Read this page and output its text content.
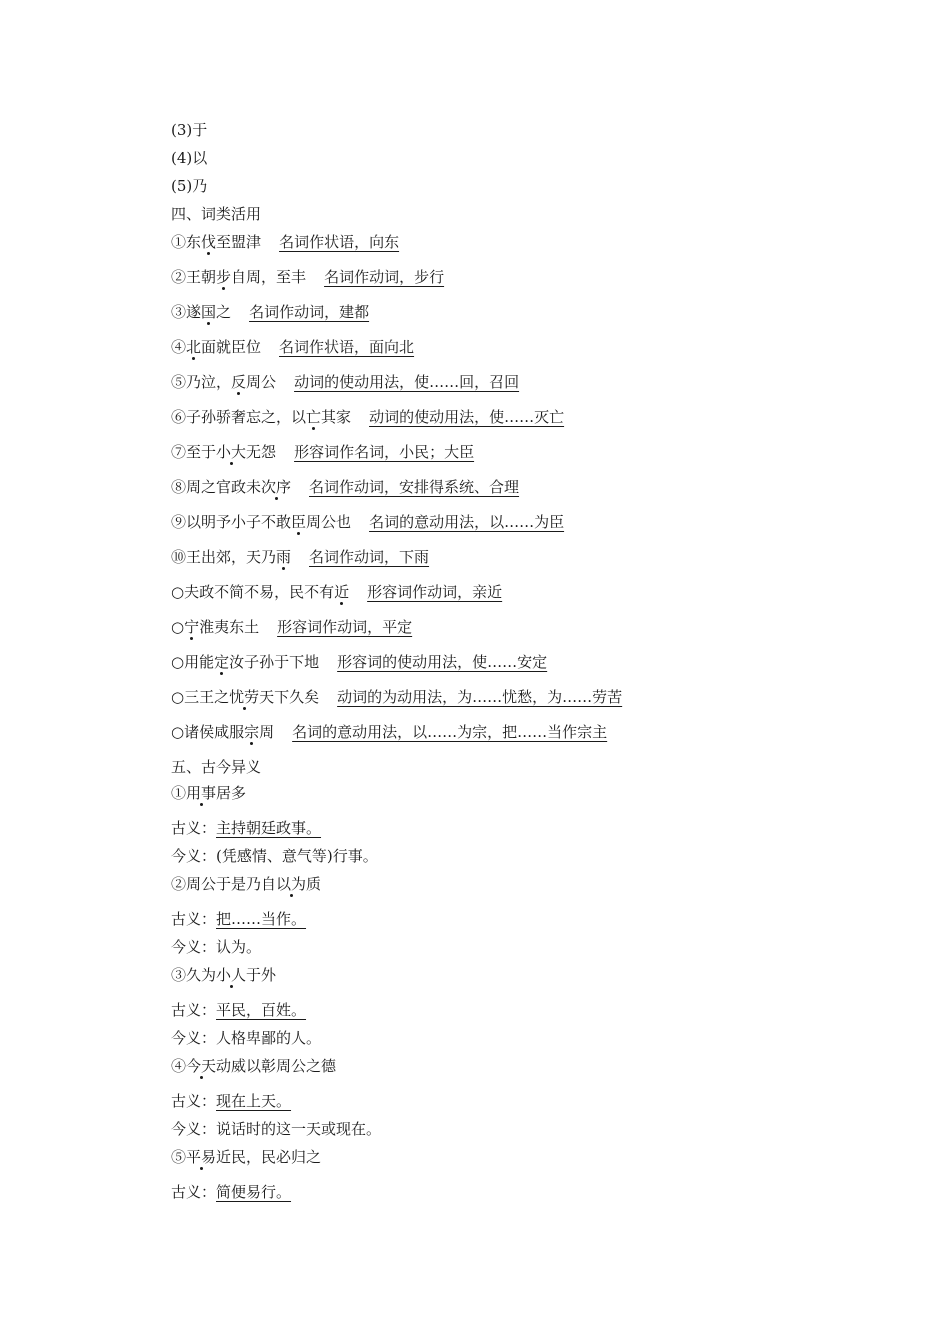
(3)于
(4)以
(5)乃
四、词类活用
①东伐至盟津 名词作状语，向东
②王朝步自周，至丰 名词作动词，步行
③遂国之 名词作动词，建都
④北面就臣位 名词作状语，面向北
⑤乃泣，反周公 动词的使动用法，使……回，召回
⑥子孙骄奢忘之，以亡其家 动词的使动用法，使……灭亡
⑦至于小大无怨 形容词作名词，小民；大臣
⑧周之官政未次序 名词作动词，安排得系统、合理
⑨以明予小子不敢臣周公也 名词的意动用法，以……为臣
⑩王出郊，天乃雨 名词作动词，下雨
○夫政不简不易，民不有近 形容词作动词，亲近
○宁淮夷东土 形容词作动词，平定
○用能定汝子孙于下地 形容词的使动用法，使……安定
○三王之忧劳天下久矣 动词的为动用法，为……忧愁，为……劳苦
○诸侯咸服宗周 名词的意动用法，以……为宗，把……当作宗主
五、古今异义
①用事居多
古义：主持朝廷政事。
今义：(凭感情、意气等)行事。
②周公于是乃自以为质
古义：把……当作。
今义：认为。
③久为小人于外
古义：平民，百姓。
今义：人格卑鄙的人。
④今天动威以彰周公之德
古义：现在上天。
今义：说话时的这一天或现在。
⑤平易近民，民必归之
古义：简便易行。
